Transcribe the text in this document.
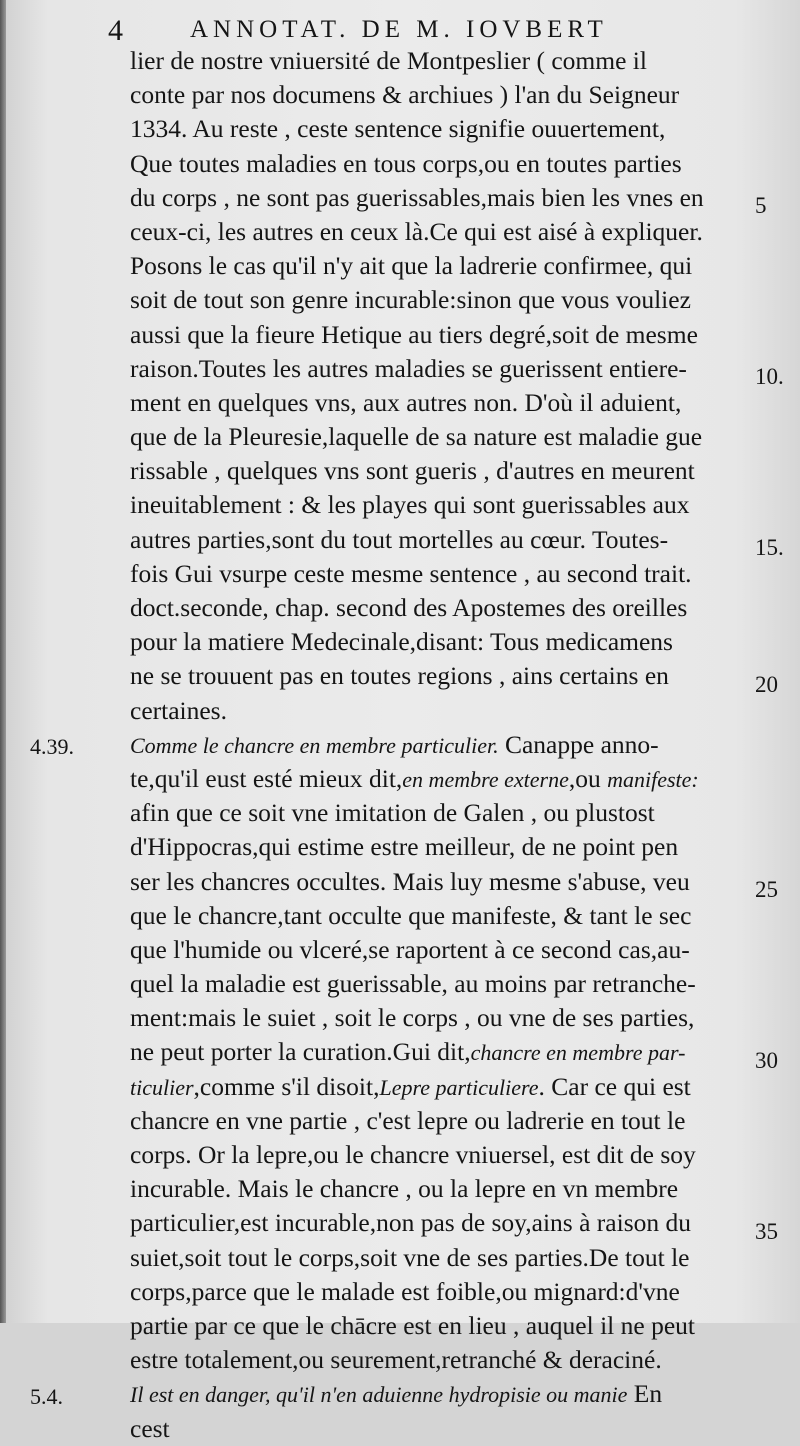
4	ANNOTAT. DE M. IOVBERT
lier de nostre vniuersité de Montpeslier ( comme il
conte par nos documens & archiues ) l'an du Seigneur
1334. Au reste , ceste sentence signifie ouuertement,
Que toutes maladies en tous corps,ou en toutes parties
du corps , ne sont pas guerissables,mais bien les vnes en
ceux-ci, les autres en ceux là.Ce qui est aisé à expliquer.
Posons le cas qu'il n'y ait que la ladrerie confirmee, qui
soit de tout son genre incurable:sinon que vous vouliez
aussi que la fieure Hetique au tiers degré,soit de mesme
raison.Toutes les autres maladies se guerissent entiere-
ment en quelques vns, aux autres non. D'où il aduient,
que de la Pleuresie,laquelle de sa nature est maladie gue
rissable , quelques vns sont gueris , d'autres en meurent
ineuitablement : & les playes qui sont guerissables aux
autres parties,sont du tout mortelles au cœur. Toutes-
fois Gui vsurpe ceste mesme sentence , au second trait.
doct.seconde, chap. second des Apostemes des oreilles
pour la matiere Medecinale,disant: Tous medicamens
ne se trouuent pas en toutes regions , ains certains en
certaines.
Comme le chancre en membre particulier. Canappe anno-
te,qu'il eust esté mieux dit,en membre externe,ou manifeste:
afin que ce soit vne imitation de Galen , ou plustost
d'Hippocras,qui estime estre meilleur, de ne point pen
ser les chancres occultes. Mais luy mesme s'abuse, veu
que le chancre,tant occulte que manifeste, & tant le sec
que l'humide ou vlceré,se raportent à ce second cas,au-
quel la maladie est guerissable, au moins par retranche-
ment:mais le suiet , soit le corps , ou vne de ses parties,
ne peut porter la curation.Gui dit,chancre en membre par-
ticulier,comme s'il disoit,Lepre particuliere. Car ce qui est
chancre en vne partie , c'est lepre ou ladrerie en tout le
corps. Or la lepre,ou le chancre vniuersel, est dit de soy
incurable. Mais le chancre , ou la lepre en vn membre
particulier,est incurable,non pas de soy,ains à raison du
suiet,soit tout le corps,soit vne de ses parties.De tout le
corps,parce que le malade est foible,ou mignard:d'vne
partie par ce que le chācre est en lieu , auquel il ne peut
estre totalement,ou seurement,retranché & deraciné.
Il est en danger, qu'il n'en aduienne hydropisie ou manie En
cest
5
10.
15.
20
25
30
35
4.39.
5.4.
